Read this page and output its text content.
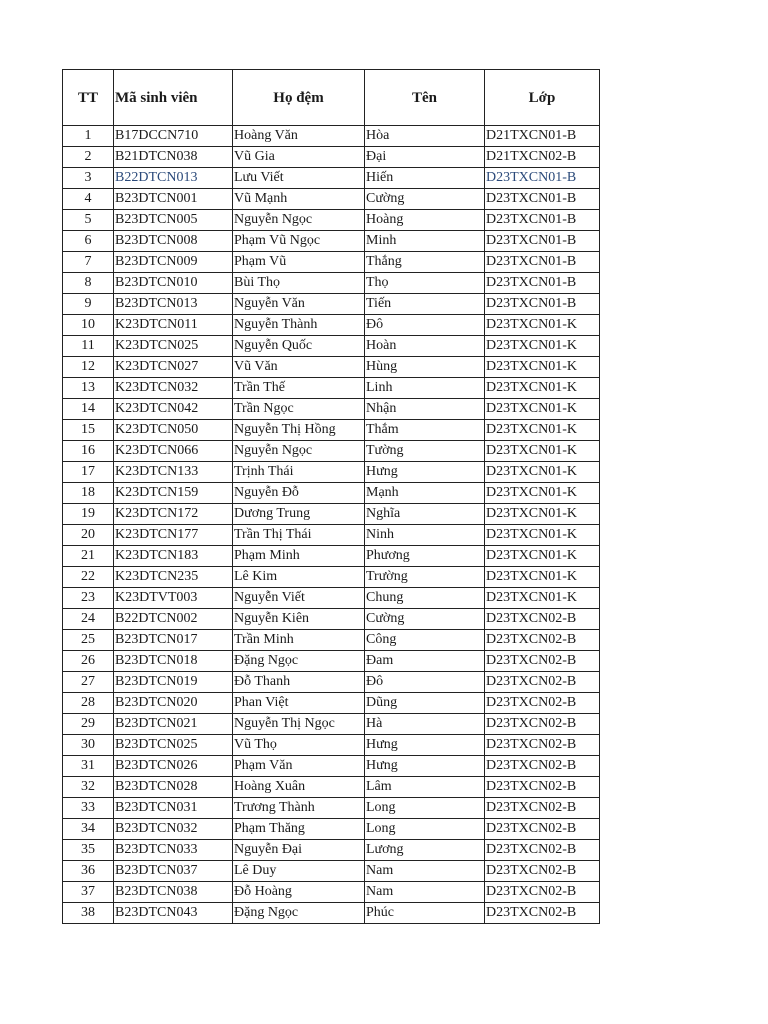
TT	Mã sinh viên	Họ đệm	Tên	Lớp
1	B17DCCN710	Hoàng Văn	Hòa	D21TXCN01-B
2	B21DTCN038	Vũ Gia	Đại	D21TXCN02-B
3	B22DTCN013	Lưu Viết	Hiến	D23TXCN01-B
4	B23DTCN001	Vũ Mạnh	Cường	D23TXCN01-B
5	B23DTCN005	Nguyễn Ngọc	Hoàng	D23TXCN01-B
6	B23DTCN008	Phạm Vũ Ngọc	Minh	D23TXCN01-B
7	B23DTCN009	Phạm Vũ	Thắng	D23TXCN01-B
8	B23DTCN010	Bùi Thọ	Thọ	D23TXCN01-B
9	B23DTCN013	Nguyễn Văn	Tiến	D23TXCN01-B
10	K23DTCN011	Nguyễn Thành	Đô	D23TXCN01-K
11	K23DTCN025	Nguyễn Quốc	Hoàn	D23TXCN01-K
12	K23DTCN027	Vũ Văn	Hùng	D23TXCN01-K
13	K23DTCN032	Trần Thế	Linh	D23TXCN01-K
14	K23DTCN042	Trần Ngọc	Nhận	D23TXCN01-K
15	K23DTCN050	Nguyễn Thị Hồng	Thắm	D23TXCN01-K
16	K23DTCN066	Nguyễn Ngọc	Tường	D23TXCN01-K
17	K23DTCN133	Trịnh Thái	Hưng	D23TXCN01-K
18	K23DTCN159	Nguyễn Đỗ	Mạnh	D23TXCN01-K
19	K23DTCN172	Dương Trung	Nghĩa	D23TXCN01-K
20	K23DTCN177	Trần Thị Thái	Ninh	D23TXCN01-K
21	K23DTCN183	Phạm Minh	Phương	D23TXCN01-K
22	K23DTCN235	Lê Kim	Trường	D23TXCN01-K
23	K23DTVT003	Nguyễn Viết	Chung	D23TXCN01-K
24	B22DTCN002	Nguyễn Kiên	Cường	D23TXCN02-B
25	B23DTCN017	Trần Minh	Công	D23TXCN02-B
26	B23DTCN018	Đặng Ngọc	Đam	D23TXCN02-B
27	B23DTCN019	Đỗ Thanh	Đô	D23TXCN02-B
28	B23DTCN020	Phan Việt	Dũng	D23TXCN02-B
29	B23DTCN021	Nguyễn Thị Ngọc	Hà	D23TXCN02-B
30	B23DTCN025	Vũ Thọ	Hưng	D23TXCN02-B
31	B23DTCN026	Phạm Văn	Hưng	D23TXCN02-B
32	B23DTCN028	Hoàng Xuân	Lâm	D23TXCN02-B
33	B23DTCN031	Trương Thành	Long	D23TXCN02-B
34	B23DTCN032	Phạm Thăng	Long	D23TXCN02-B
35	B23DTCN033	Nguyễn Đại	Lương	D23TXCN02-B
36	B23DTCN037	Lê Duy	Nam	D23TXCN02-B
37	B23DTCN038	Đỗ Hoàng	Nam	D23TXCN02-B
38	B23DTCN043	Đặng Ngọc	Phúc	D23TXCN02-B
